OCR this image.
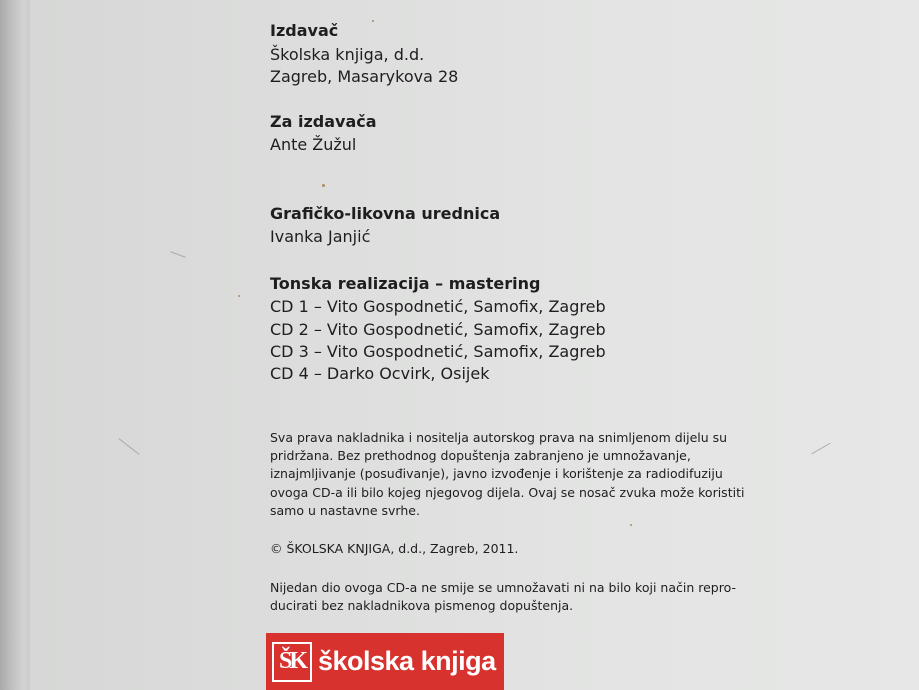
Izdavač
Školska knjiga, d.d.
Zagreb, Masarykova 28
Za izdavača
Ante Žužul
Grafičko-likovna urednica
Ivanka Janjić
Tonska realizacija – mastering
CD 1 – Vito Gospodnetić, Samofix, Zagreb
CD 2 – Vito Gospodnetić, Samofix, Zagreb
CD 3 – Vito Gospodnetić, Samofix, Zagreb
CD 4 – Darko Ocvirk, Osijek
Sva prava nakladnika i nositelja autorskog prava na snimljenom dijelu su
pridržana. Bez prethodnog dopuštenja zabranjeno je umnožavanje,
iznajmljivanje (posuđivanje), javno izvođenje i korištenje za radiodifuziju
ovoga CD-a ili bilo kojeg njegovog dijela. Ovaj se nosač zvuka može koristiti
samo u nastavne svrhe.
© ŠKOLSKA KNJIGA, d.d., Zagreb, 2011.
Nijedan dio ovoga CD-a ne smije se umnožavati ni na bilo koji način repro-
ducirati bez nakladnikova pismenog dopuštenja.
ŠK školska knjiga
